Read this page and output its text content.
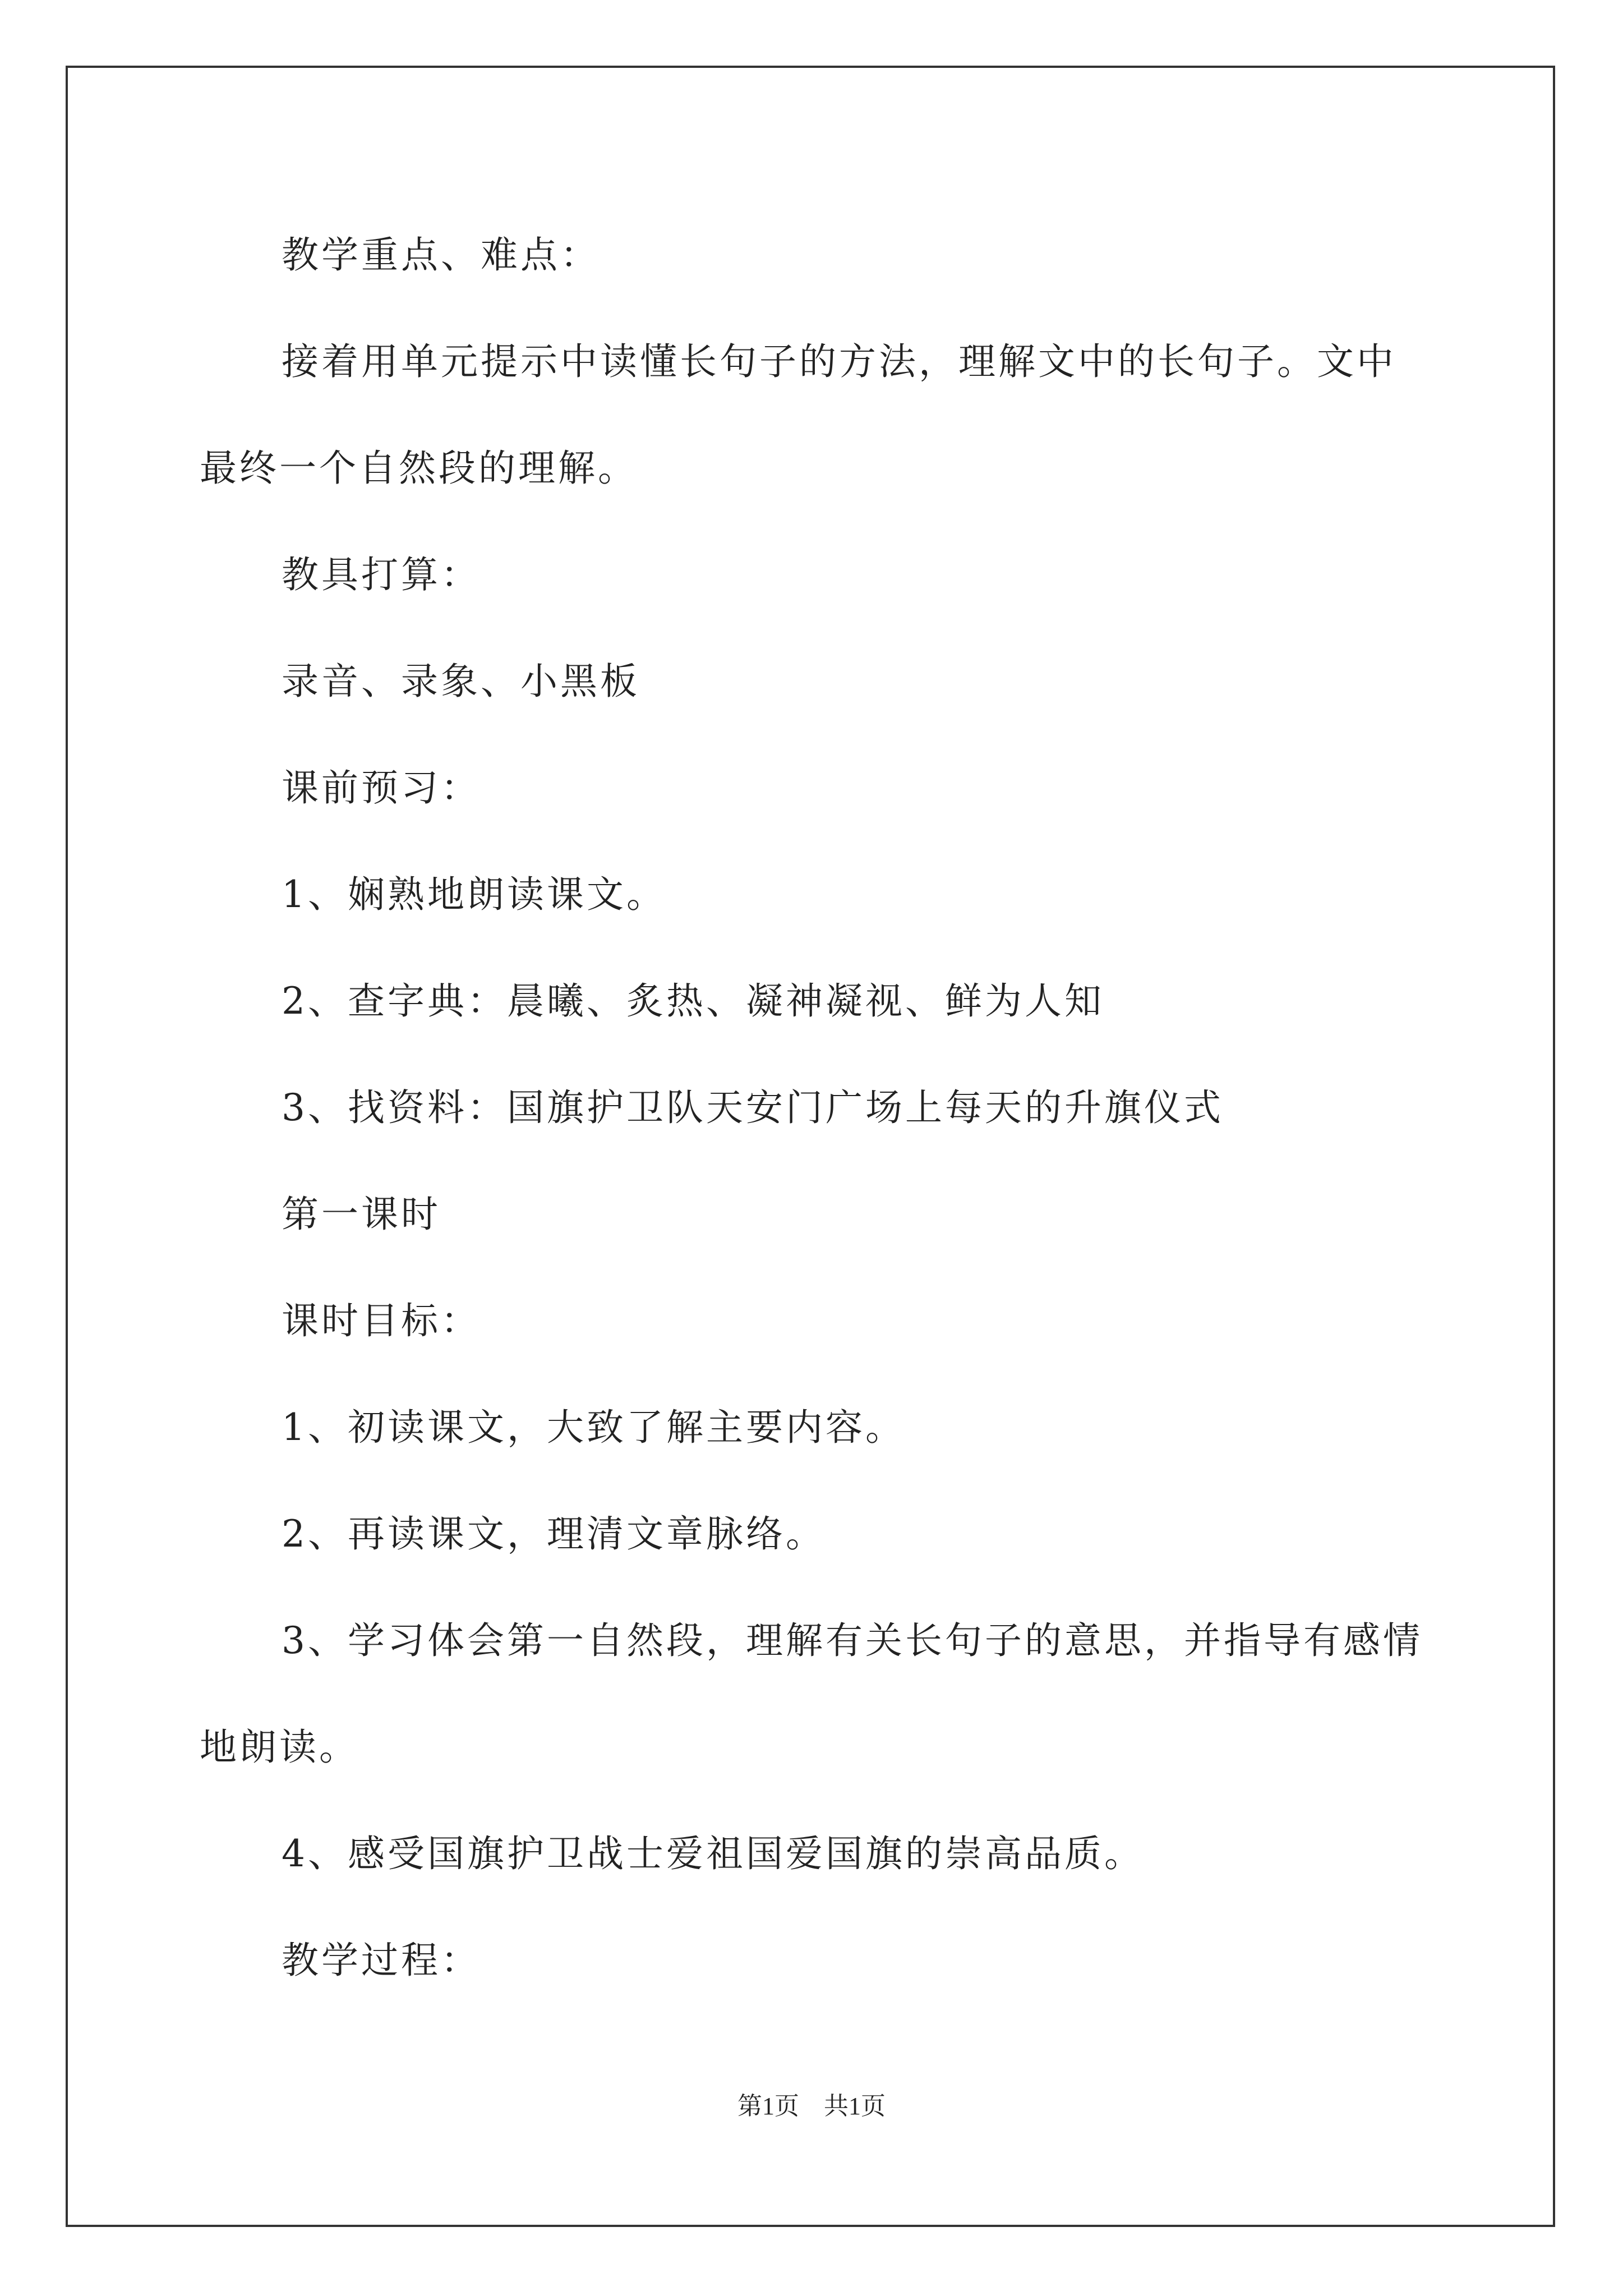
教学重点、难点：

接着用单元提示中读懂长句子的方法，理解文中的长句子。文中最终一个自然段的理解。

教具打算：

录音、录象、小黑板

课前预习：

1、娴熟地朗读课文。

2、查字典：晨曦、炙热、凝神凝视、鲜为人知

3、找资料：国旗护卫队天安门广场上每天的升旗仪式

第一课时

课时目标：

1、初读课文，大致了解主要内容。

2、再读课文，理清文章脉络。

3、学习体会第一自然段，理解有关长句子的意思，并指导有感情地朗读。

4、感受国旗护卫战士爱祖国爱国旗的崇高品质。

教学过程：

第1页　共1页
